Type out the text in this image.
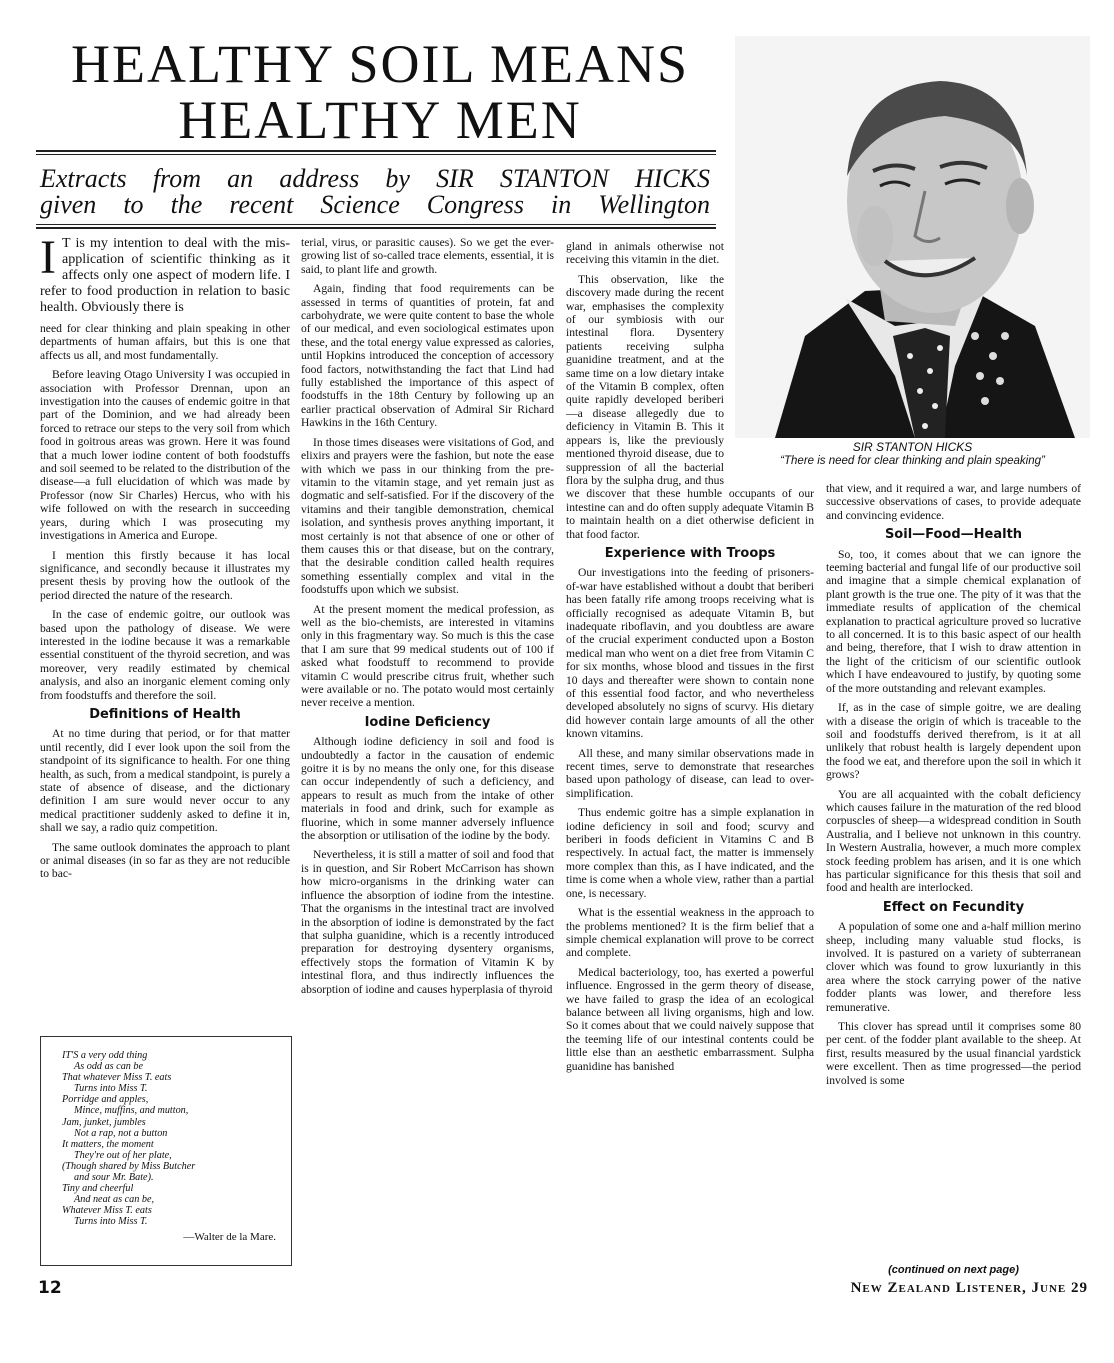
HEALTHY SOIL MEANS
HEALTHY MEN
Extracts from an address by SIR STANTON HICKS
given to the recent Science Congress in Wellington
SIR STANTON HICKS
“There is need for clear thinking and plain speaking”

I T is my intention to deal with the mis-application of scientific thinking as it affects only one aspect of modern life. I refer to food production in relation to basic health. Obviously there is

need for clear thinking and plain speaking in other departments of human affairs, but this is one that affects us all, and most fundamentally.

Before leaving Otago University I was occupied in association with Professor Drennan, upon an investigation into the causes of endemic goitre in that part of the Dominion, and we had already been forced to retrace our steps to the very soil from which food in goitrous areas was grown. Here it was found that a much lower iodine content of both foodstuffs and soil seemed to be related to the distribution of the disease—a full elucidation of which was made by Professor (now Sir Charles) Hercus, who with his wife followed on with the research in succeeding years, during which I was prosecuting my investigations in America and Europe.

I mention this firstly because it has local significance, and secondly because it illustrates my present thesis by proving how the outlook of the period directed the nature of the research.

In the case of endemic goitre, our outlook was based upon the pathology of disease. We were interested in the iodine because it was a remarkable essential constituent of the thyroid secretion, and was moreover, very readily estimated by chemical analysis, and also an inorganic element coming only from foodstuffs and therefore the soil.

Definitions of Health

At no time during that period, or for that matter until recently, did I ever look upon the soil from the standpoint of its significance to health. For one thing health, as such, from a medical standpoint, is purely a state of absence of disease, and the dictionary definition I am sure would never occur to any medical practitioner suddenly asked to define it in, shall we say, a radio quiz competition.

The same outlook dominates the approach to plant or animal diseases (in so far as they are not reducible to bac-

IT'S a very odd thing
As odd as can be
That whatever Miss T. eats
Turns into Miss T.
Porridge and apples,
Mince, muffins, and mutton,
Jam, junket, jumbles
Not a rap, not a button
It matters, the moment
They're out of her plate,
(Though shared by Miss Butcher
and sour Mr. Bate).
Tiny and cheerful
And neat as can be,
Whatever Miss T. eats
Turns into Miss T.
—Walter de la Mare.

terial, virus, or parasitic causes). So we get the ever-growing list of so-called trace elements, essential, it is said, to plant life and growth.

Again, finding that food requirements can be assessed in terms of quantities of protein, fat and carbohydrate, we were quite content to base the whole of our medical, and even sociological estimates upon these, and the total energy value expressed as calories, until Hopkins introduced the conception of accessory food factors, notwithstanding the fact that Lind had fully established the importance of this aspect of foodstuffs in the 18th Century by following up an earlier practical observation of Admiral Sir Richard Hawkins in the 16th Century.

In those times diseases were visitations of God, and elixirs and prayers were the fashion, but note the ease with which we pass in our thinking from the pre-vitamin to the vitamin stage, and yet remain just as dogmatic and self-satisfied. For if the discovery of the vitamins and their tangible demonstration, chemical isolation, and synthesis proves anything important, it most certainly is not that absence of one or other of them causes this or that disease, but on the contrary, that the desirable condition called health requires something essentially complex and vital in the foodstuffs upon which we subsist.

At the present moment the medical profession, as well as the bio-chemists, are interested in vitamins only in this fragmentary way. So much is this the case that I am sure that 99 medical students out of 100 if asked what foodstuff to recommend to provide vitamin C would prescribe citrus fruit, whether such were available or no. The potato would most certainly never receive a mention.

Iodine Deficiency

Although iodine deficiency in soil and food is undoubtedly a factor in the causation of endemic goitre it is by no means the only one, for this disease can occur independently of such a deficiency, and appears to result as much from the intake of other materials in food and drink, such for example as fluorine, which in some manner adversely influence the absorption or utilisation of the iodine by the body.

Nevertheless, it is still a matter of soil and food that is in question, and Sir Robert McCarrison has shown how micro-organisms in the drinking water can influence the absorption of iodine from the intestine. That the organisms in the intestinal tract are involved in the absorption of iodine is demonstrated by the fact that sulpha guanidine, which is a recently introduced preparation for destroying dysentery organisms, effectively stops the formation of Vitamin K by intestinal flora, and thus indirectly influences the absorption of iodine and causes hyperplasia of thyroid

gland in animals otherwise not receiving this vitamin in the diet.

This observation, like the discovery made during the recent war, emphasises the complexity of our symbiosis with our intestinal flora. Dysentery patients receiving sulpha guanidine treatment, and at the same time on a low dietary intake of the Vitamin B complex, often quite rapidly developed beriberi—a disease allegedly due to deficiency in Vitamin B. This it appears is, like the previously mentioned thyroid disease, due to suppression of all the bacterial flora by the sulpha drug, and thus we discover that these humble occupants of our intestine can and do often supply adequate Vitamin B to maintain health on a diet otherwise deficient in that food factor.

Experience with Troops

Our investigations into the feeding of prisoners-of-war have established without a doubt that beriberi has been fatally rife among troops receiving what is officially recognised as adequate Vitamin B, but inadequate riboflavin, and you doubtless are aware of the crucial experiment conducted upon a Boston medical man who went on a diet free from Vitamin C for six months, whose blood and tissues in the first 10 days and thereafter were shown to contain none of this essential food factor, and who nevertheless developed absolutely no signs of scurvy. His dietary did however contain large amounts of all the other known vitamins.

All these, and many similar observations made in recent times, serve to demonstrate that researches based upon pathology of disease, can lead to over-simplification.

Thus endemic goitre has a simple explanation in iodine deficiency in soil and food; scurvy and beriberi in foods deficient in Vitamins C and B respectively. In actual fact, the matter is immensely more complex than this, as I have indicated, and the time is come when a whole view, rather than a partial one, is necessary.

What is the essential weakness in the approach to the problems mentioned? It is the firm belief that a simple chemical explanation will prove to be correct and complete.

Medical bacteriology, too, has exerted a powerful influence. Engrossed in the germ theory of disease, we have failed to grasp the idea of an ecological balance between all living organisms, high and low. So it comes about that we could naively suppose that the teeming life of our intestinal contents could be little else than an aesthetic embarrassment. Sulpha guanidine has banished

that view, and it required a war, and large numbers of successive observations of cases, to provide adequate and convincing evidence.

Soil—Food—Health

So, too, it comes about that we can ignore the teeming bacterial and fungal life of our productive soil and imagine that a simple chemical explanation of plant growth is the true one. The pity of it was that the immediate results of application of the chemical explanation to practical agriculture proved so lucrative to all concerned. It is to this basic aspect of our health and being, therefore, that I wish to draw attention in the light of the criticism of our scientific outlook which I have endeavoured to justify, by quoting some of the more outstanding and relevant examples.

If, as in the case of simple goitre, we are dealing with a disease the origin of which is traceable to the soil and foodstuffs derived therefrom, is it at all unlikely that robust health is largely dependent upon the food we eat, and therefore upon the soil in which it grows?

You are all acquainted with the cobalt deficiency which causes failure in the maturation of the red blood corpuscles of sheep—a widespread condition in South Australia, and I believe not unknown in this country. In Western Australia, however, a much more complex stock feeding problem has arisen, and it is one which has particular significance for this thesis that soil and food and health are interlocked.

Effect on Fecundity

A population of some one and a-half million merino sheep, including many valuable stud flocks, is involved. It is pastured on a variety of subterranean clover which was found to grow luxuriantly in this area where the stock carrying power of the native fodder plants was lower, and therefore less remunerative.

This clover has spread until it comprises some 80 per cent. of the fodder plant available to the sheep. At first, results measured by the usual financial yardstick were excellent. Then as time progressed—the period involved is some

(continued on next page)
12	New Zealand Listener, June 29
